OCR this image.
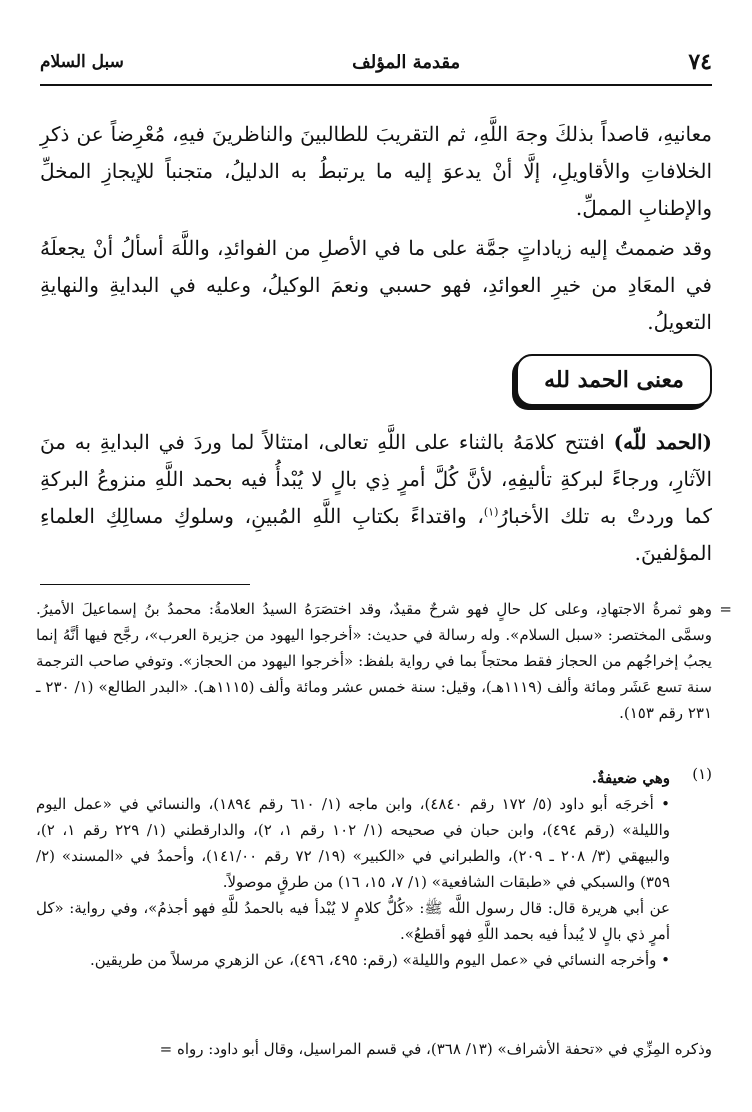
٧٤
مقدمة المؤلف
سبل السلام
معانيهِ، قاصداً بذلكَ وجهَ اللَّهِ، ثم التقريبَ للطالبينَ والناظرينَ فيهِ، مُعْرِضاً عن ذكرِ الخلافاتِ والأقاويلِ، إلَّا أنْ يدعوَ إليه ما يرتبطُ به الدليلُ، متجنباً للإيجازِ المخلِّ والإطنابِ المملِّ.
وقد ضممتُ إليه زياداتٍ جمَّة على ما في الأصلِ من الفوائدِ، واللَّهَ أسألُ أنْ يجعلَهُ في المعَادِ من خيرِ العوائدِ، فهو حسبي ونعمَ الوكيلُ، وعليه في البدايةِ والنهايةِ التعويلُ.
معنى الحمد لله
(الحمد للّه) افتتح كلامَهُ بالثناء على اللَّهِ تعالى، امتثالاً لما وردَ في البدايةِ به منَ الآثارِ، ورجاءً لبركةِ تأليفِهِ، لأنَّ كُلَّ أمرٍ ذِي بالٍ لا يُبْدأُ فيه بحمد اللَّهِ منزوعُ البركةِ كما وردتْ به تلك الأخبارُ$^{(١)}$، واقتداءً بكتابِ اللَّهِ المُبينِ، وسلوكِ مسالِكِ العلماءِ المؤلفينَ.
=
وهو ثمرةُ الاجتهادِ، وعلى كل حالٍ فهو شرحٌ مقيدٌ، وقد اختصَرَهُ السيدُ العلامةُ: محمدُ بنُ إسماعيلَ الأميرُ. وسمَّى المختصر: «سبل السلام». وله رسالة في حديث: «أخرجوا اليهود من جزيرة العرب»، رجَّح فيها أنَّهُ إنما يجبُ إخراجُهم من الحجاز فقط محتجاً بما في رواية بلفظ: «أخرجوا اليهود من الحجاز». وتوفي صاحب الترجمة سنة تسع عَشَر ومائة وألف (١١١٩هـ)، وقيل: سنة خمس عشر ومائة وألف (١١١٥هـ). «البدر الطالع» (١/ ٢٣٠ ـ ٢٣١ رقم ١٥٣).
(١)
وهي ضعيفةٌ.
• أخرجَه أبو داود (٥/ ١٧٢ رقم ٤٨٤٠)، وابن ماجه (١/ ٦١٠ رقم ١٨٩٤)، والنسائي في «عمل اليوم والليلة» (رقم ٤٩٤)، وابن حبان في صحيحه (١/ ١٠٢ رقم ١، ٢)، والدارقطني (١/ ٢٢٩ رقم ١، ٢)، والبيهقي (٣/ ٢٠٨ ـ ٢٠٩)، والطبراني في «الكبير» (١٩/ ٧٢ رقم ١٤١/٠٠)، وأحمدُ في «المسند» (٢/ ٣٥٩) والسبكي في «طبقات الشافعية» (١/ ٧، ١٥، ١٦) من طرقٍ موصولاً.
عن أبي هريرة قال: قال رسول اللَّه ﷺ: «كُلُّ كلامٍ لا يُبْدأ فيه بالحمدُ للَّهِ فهو أجذمُ»، وفي رواية: «كل أمرٍ ذي بالٍ لا يُبدأ فيه بحمد اللَّهِ فهو أقطعُ».
• وأخرجه النسائي في «عمل اليوم والليلة» (رقم: ٤٩٥، ٤٩٦)، عن الزهري مرسلاً من طريقين.
وذكره المِزِّي في «تحفة الأشراف» (١٣/ ٣٦٨)، في قسم المراسيل، وقال أبو داود: رواه =
